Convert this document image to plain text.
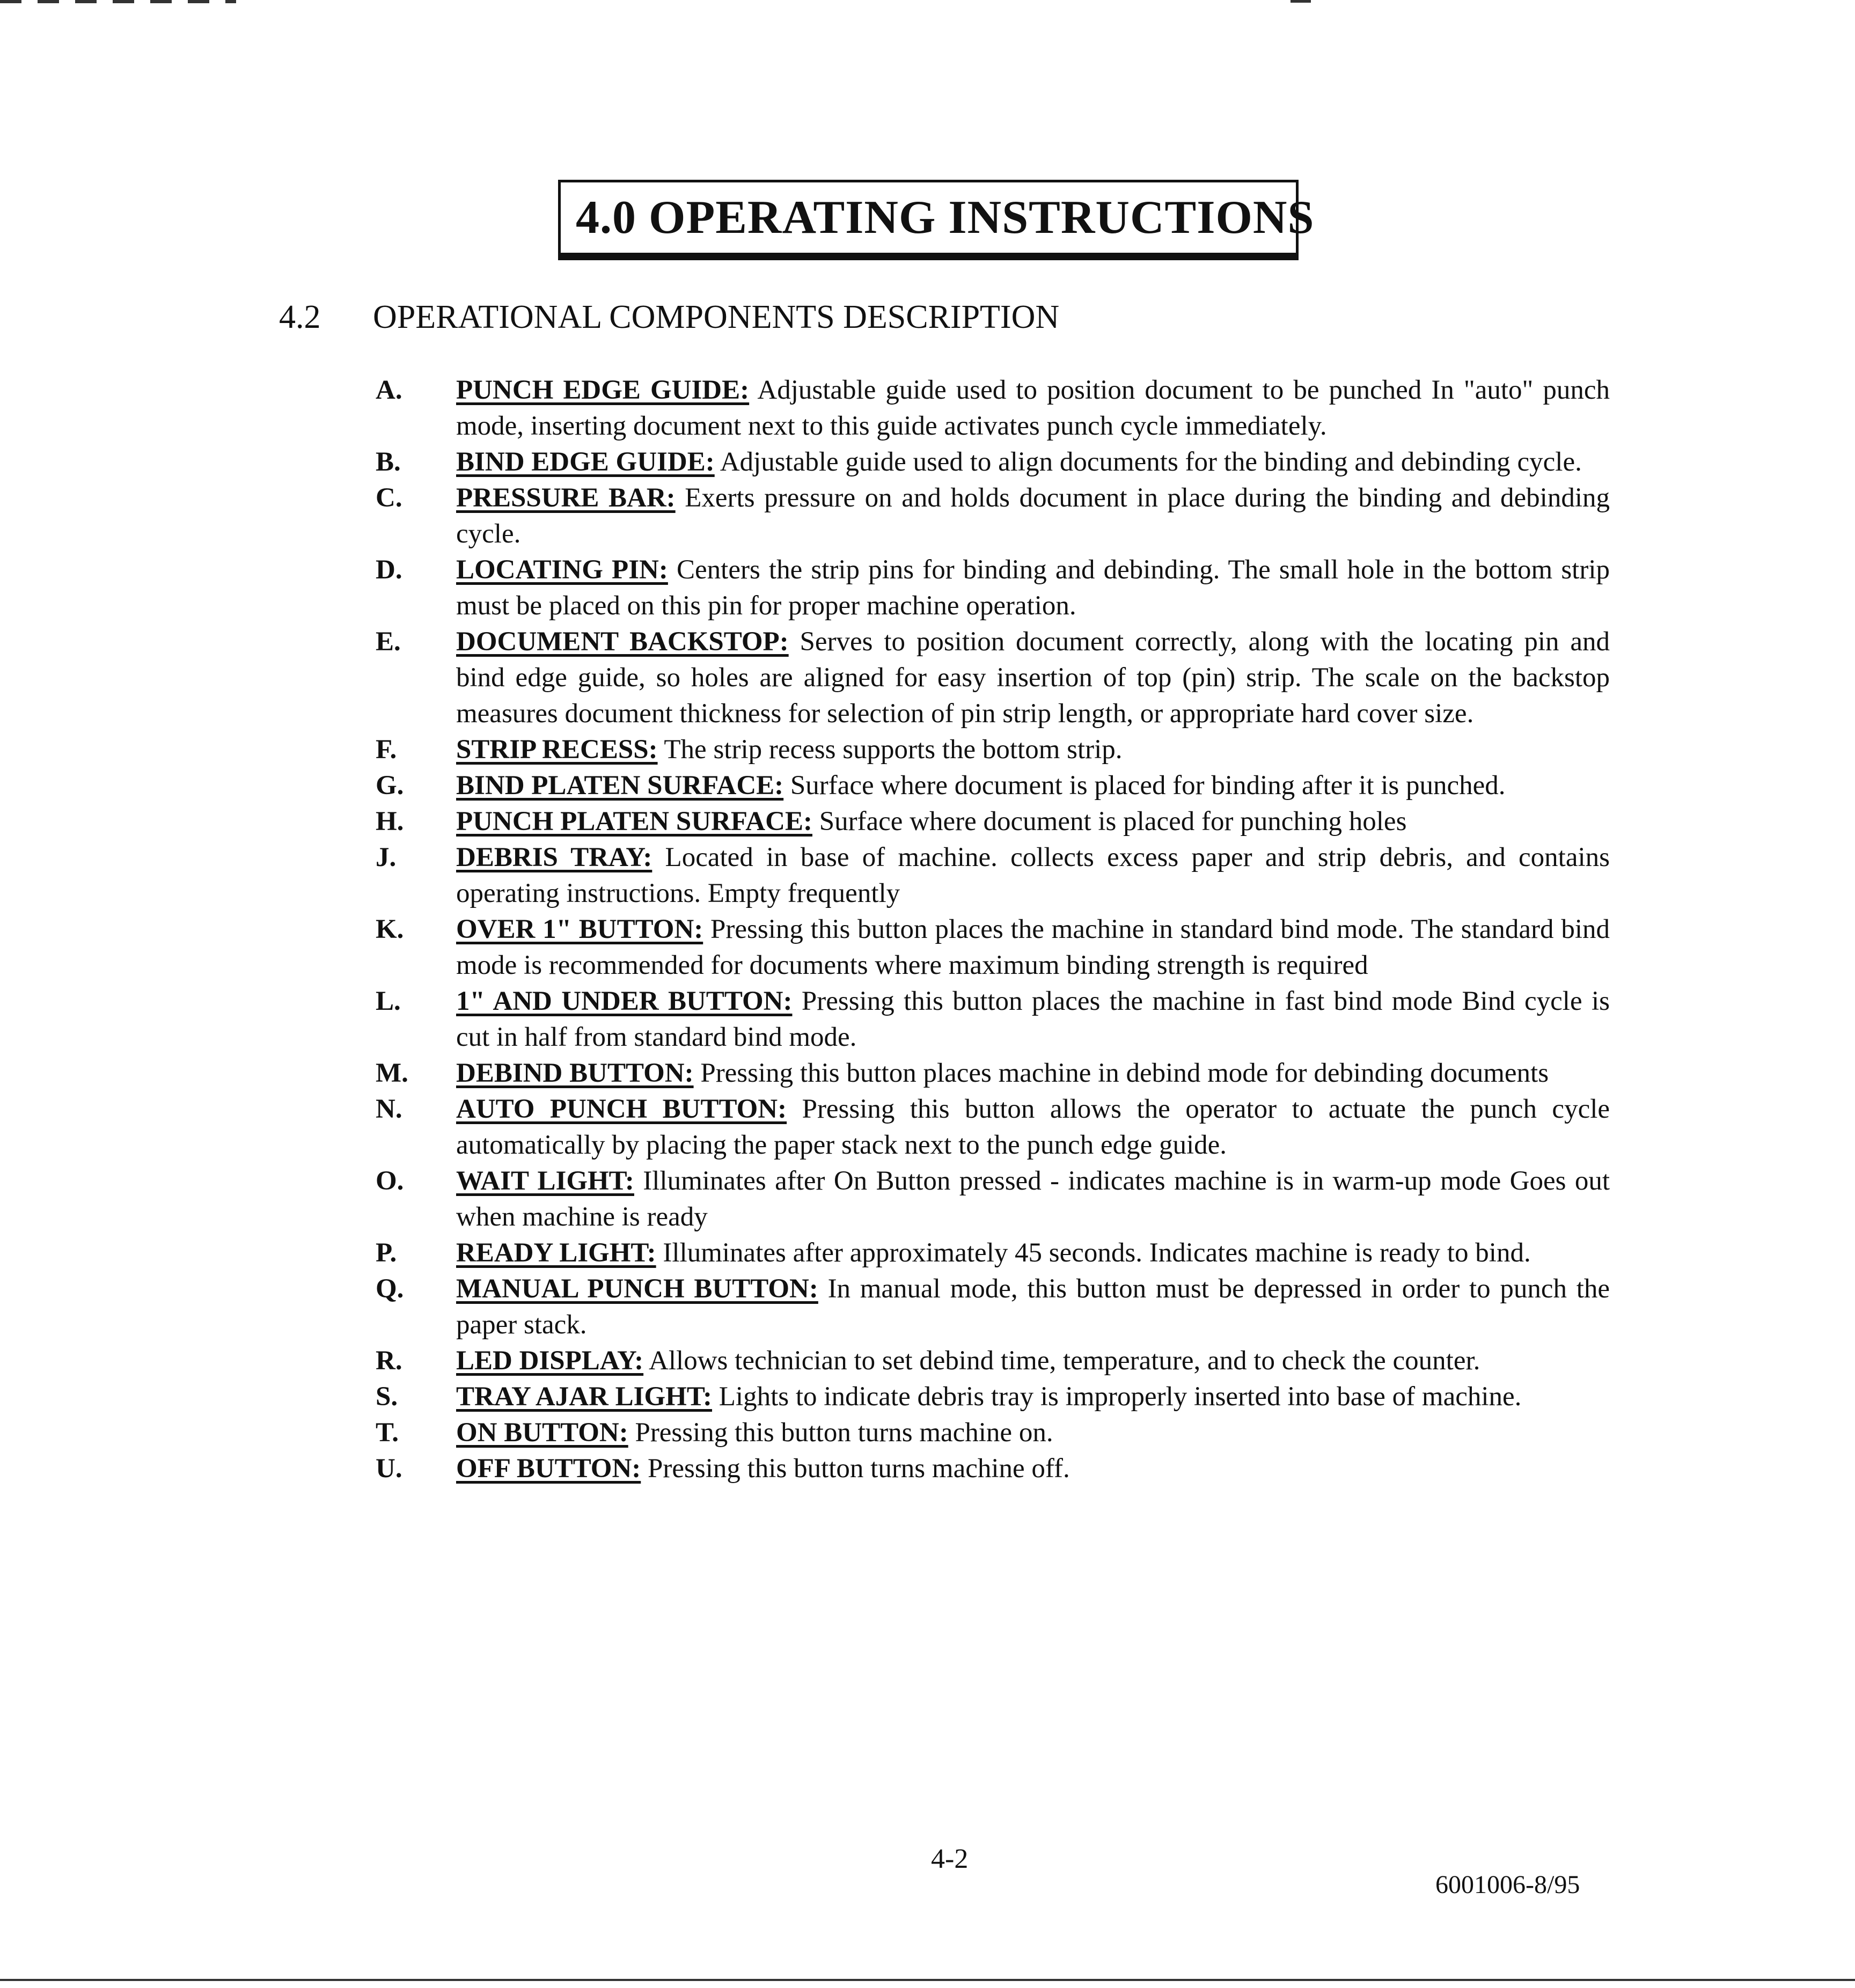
4.0 OPERATING INSTRUCTIONS
4.2 OPERATIONAL COMPONENTS DESCRIPTION
A.	PUNCH EDGE GUIDE: Adjustable guide used to position document to be punched In "auto" punch mode, inserting document next to this guide activates punch cycle immediately.
B.	BIND EDGE GUIDE: Adjustable guide used to align documents for the binding and debinding cycle.
C.	PRESSURE BAR: Exerts pressure on and holds document in place during the binding and debinding cycle.
D.	LOCATING PIN: Centers the strip pins for binding and debinding. The small hole in the bottom strip must be placed on this pin for proper machine operation.
E.	DOCUMENT BACKSTOP: Serves to position document correctly, along with the locating pin and bind edge guide, so holes are aligned for easy insertion of top (pin) strip. The scale on the backstop measures document thickness for selection of pin strip length, or appropriate hard cover size.
F.	STRIP RECESS: The strip recess supports the bottom strip.
G.	BIND PLATEN SURFACE: Surface where document is placed for binding after it is punched.
H.	PUNCH PLATEN SURFACE: Surface where document is placed for punching holes
J.	DEBRIS TRAY: Located in base of machine. collects excess paper and strip debris, and contains operating instructions. Empty frequently
K.	OVER 1" BUTTON: Pressing this button places the machine in standard bind mode. The standard bind mode is recommended for documents where maximum binding strength is required
L.	1" AND UNDER BUTTON: Pressing this button places the machine in fast bind mode Bind cycle is cut in half from standard bind mode.
M.	DEBIND BUTTON: Pressing this button places machine in debind mode for debinding documents
N.	AUTO PUNCH BUTTON: Pressing this button allows the operator to actuate the punch cycle automatically by placing the paper stack next to the punch edge guide.
O.	WAIT LIGHT: Illuminates after On Button pressed - indicates machine is in warm-up mode Goes out when machine is ready
P.	READY LIGHT: Illuminates after approximately 45 seconds. Indicates machine is ready to bind.
Q.	MANUAL PUNCH BUTTON: In manual mode, this button must be depressed in order to punch the paper stack.
R.	LED DISPLAY: Allows technician to set debind time, temperature, and to check the counter.
S.	TRAY AJAR LIGHT: Lights to indicate debris tray is improperly inserted into base of machine.
T.	ON BUTTON: Pressing this button turns machine on.
U.	OFF BUTTON: Pressing this button turns machine off.
4-2
6001006-8/95
